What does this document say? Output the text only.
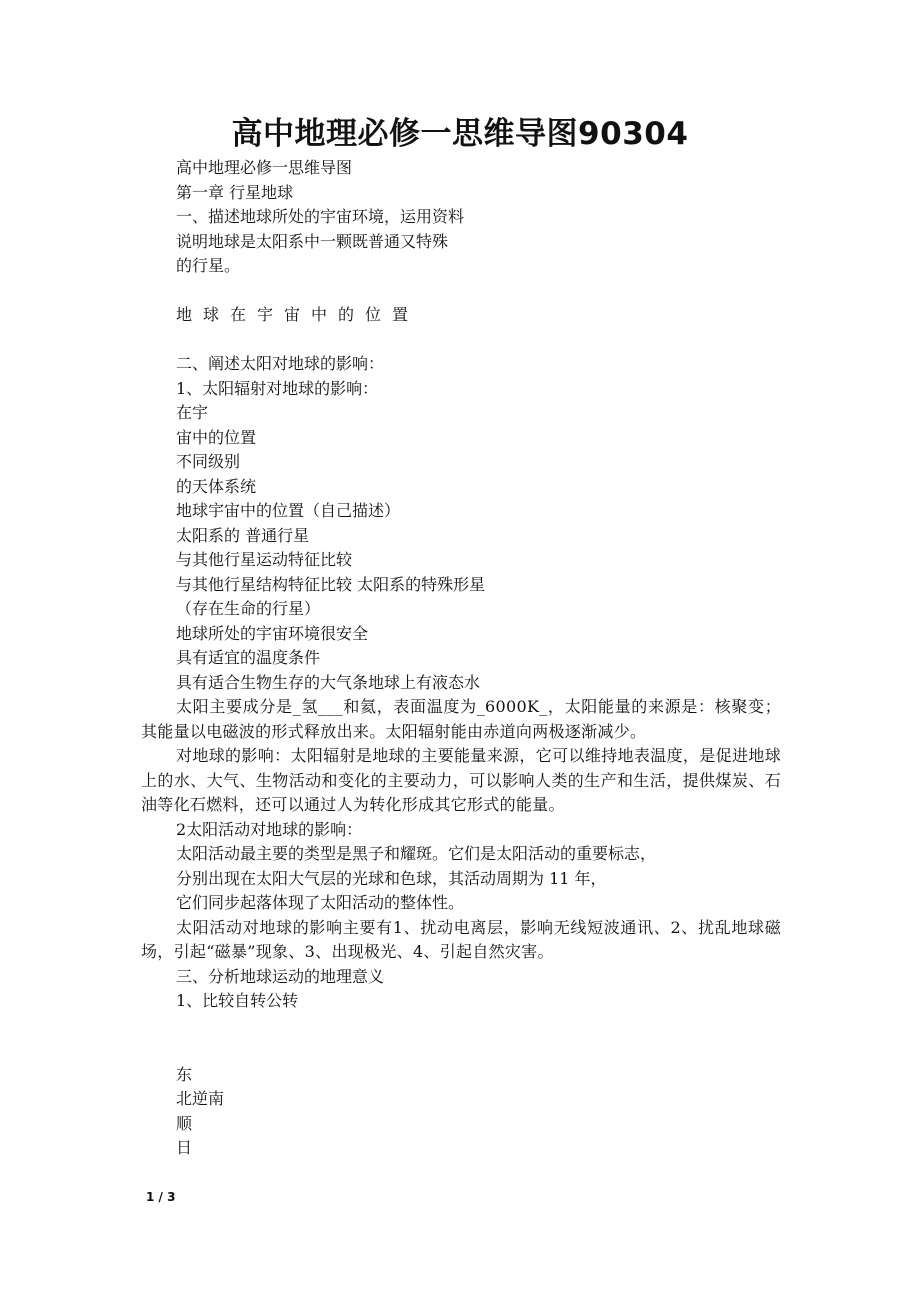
高中地理必修一思维导图90304
高中地理必修一思维导图
第一章 行星地球
一、描述地球所处的宇宙环境，运用资料
说明地球是太阳系中一颗既普通又特殊
的行星。
地球在宇宙中的位置
二、阐述太阳对地球的影响：
1、太阳辐射对地球的影响：
在宇
宙中的位置
不同级别
的天体系统
地球宇宙中的位置（自己描述）
太阳系的 普通行星
与其他行星运动特征比较
与其他行星结构特征比较 太阳系的特殊形星
（存在生命的行星）
地球所处的宇宙环境很安全
具有适宜的温度条件
具有适合生物生存的大气条地球上有液态水
太阳主要成分是_氢___和氦，表面温度为_6000K_，太阳能量的来源是：核聚变；其能量以电磁波的形式释放出来。太阳辐射能由赤道向两极逐渐减少。
对地球的影响：太阳辐射是地球的主要能量来源，它可以维持地表温度，是促进地球上的水、大气、生物活动和变化的主要动力，可以影响人类的生产和生活，提供煤炭、石油等化石燃料，还可以通过人为转化形成其它形式的能量。
2太阳活动对地球的影响：
太阳活动最主要的类型是黑子和耀斑。它们是太阳活动的重要标志，
分别出现在太阳大气层的光球和色球，其活动周期为 11 年，
它们同步起落体现了太阳活动的整体性。
太阳活动对地球的影响主要有1、扰动电离层，影响无线短波通讯、2、扰乱地球磁场，引起“磁暴”现象、3、出现极光、4、引起自然灾害。
三、分析地球运动的地理意义
1、比较自转公转
东
北逆南
顺
日
1 / 3
